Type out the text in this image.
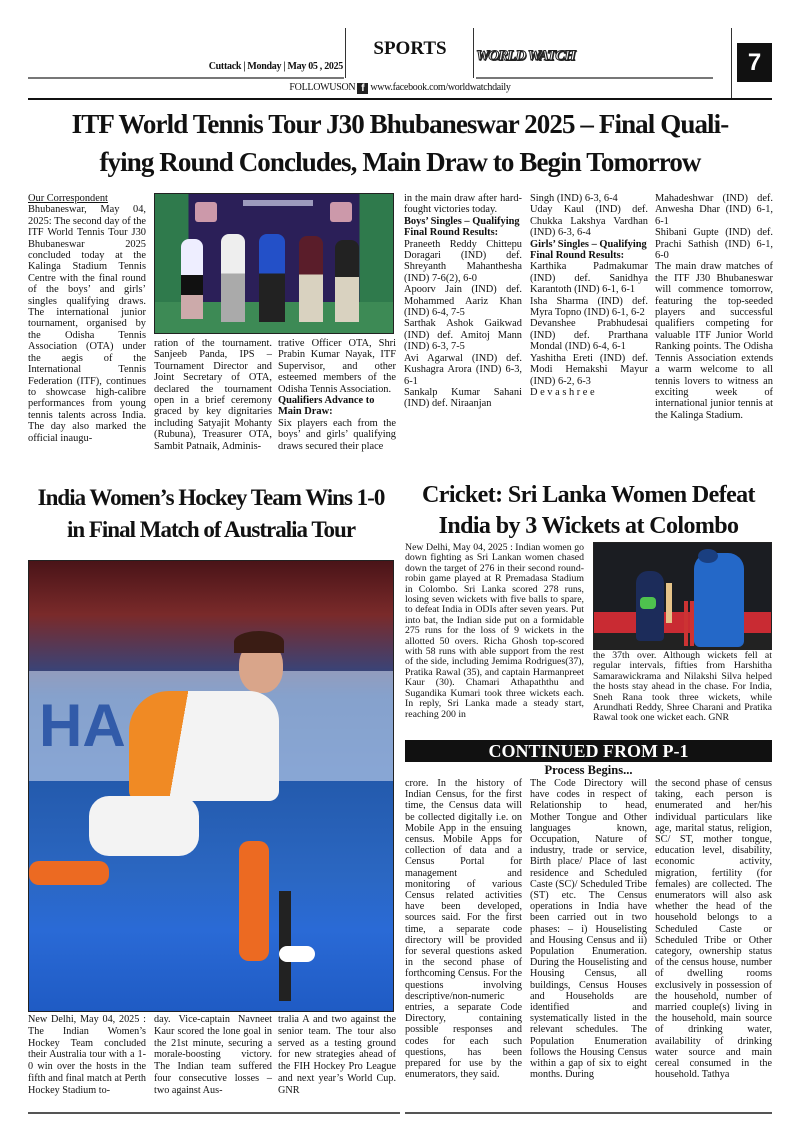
Cuttack | Monday | May 05 , 2025
SPORTS	WORLD WATCH	7
FOLLOWUSON f www.facebook.com/worldwatchdaily
ITF World Tennis Tour J30 Bhubaneswar 2025 – Final Quali-
fying Round Concludes, Main Draw to Begin Tomorrow
Our Correspondent
Bhubaneswar, May 04, 2025: The second day of the ITF World Tennis Tour J30 Bhubaneswar 2025 concluded today at the Kalinga Stadium Tennis Centre with the final round of the boys’ and girls’ singles qualifying draws. The international junior tournament, organised by the Odisha Tennis Association (OTA) under the aegis of the International Tennis Federation (ITF), continues to showcase high-calibre performances from young tennis talents across India. The day also marked the official inaugu-
ration of the tournament. Sanjeeb Panda, IPS – Tournament Director and Joint Secretary of OTA, declared the tournament open in a brief ceremony graced by key dignitaries including Satyajit Mohanty (Rubuna), Treasurer OTA, Sambit Patnaik, Adminis-
trative Officer OTA, Shri Prabin Kumar Nayak, ITF Supervisor, and other esteemed members of the Odisha Tennis Association.
Qualifiers Advance to Main Draw:
Six players each from the boys’ and girls’ qualifying draws secured their place
in the main draw after hard-fought victories today.
Boys’ Singles – Qualifying Final Round Results:
Praneeth Reddy Chittepu Doragari (IND) def. Shreyanth Mahanthesha (IND) 7-6(2), 6-0
Apoorv Jain (IND) def. Mohammed Aariz Khan (IND) 6-4, 7-5
Sarthak Ashok Gaikwad (IND) def. Amitoj Mann (IND) 6-3, 7-5
Avi Agarwal (IND) def. Kushagra Arora (IND) 6-3, 6-1
Sankalp Kumar Sahani (IND) def. Niraanjan
Singh (IND) 6-3, 6-4
Uday Kaul (IND) def. Chukka Lakshya Vardhan (IND) 6-3, 6-4
Girls’ Singles – Qualifying Final Round Results:
Karthika Padmakumar (IND) def. Sanidhya Karantoth (IND) 6-1, 6-1
Isha Sharma (IND) def. Myra Topno (IND) 6-1, 6-2
Devanshee Prabhudesai (IND) def. Prarthana Mondal (IND) 6-4, 6-1
Yashitha Ereti (IND) def. Modi Hemakshi Mayur (IND) 6-2, 6-3
D e v a s h r e e
Mahadeshwar (IND) def. Anwesha Dhar (IND) 6-1, 6-1
Shibani Gupte (IND) def. Prachi Sathish (IND) 6-1, 6-0
The main draw matches of the ITF J30 Bhubaneswar will commence tomorrow, featuring the top-seeded players and successful qualifiers competing for valuable ITF Junior World Ranking points. The Odisha Tennis Association extends a warm welcome to all tennis lovers to witness an exciting week of international junior tennis at the Kalinga Stadium.
India Women’s Hockey Team Wins 1-0
in Final Match of Australia Tour
HA
New Delhi, May 04, 2025 : The Indian Women’s Hockey Team concluded their Australia tour with a 1-0 win over the hosts in the fifth and final match at Perth Hockey Stadium to-
day. Vice-captain Navneet Kaur scored the lone goal in the 21st minute, securing a morale-boosting victory. The Indian team suffered four consecutive losses – two against Aus-
tralia A and two against the senior team. The tour also served as a testing ground for new strategies ahead of the FIH Hockey Pro League and next year’s World Cup. GNR
Cricket: Sri Lanka Women Defeat
India by 3 Wickets at Colombo
New Delhi, May 04, 2025 : Indian women go down fighting as Sri Lankan women chased down the target of 276 in their second round-robin game played at R Premadasa Stadium in Colombo. Sri Lanka scored 278 runs, losing seven wickets with five balls to spare, to defeat India in ODIs after seven years. Put into bat, the Indian side put on a formidable 275 runs for the loss of 9 wickets in the allotted 50 overs. Richa Ghosh top-scored with 58 runs with able support from the rest of the side, including Jemima Rodrigues(37), Pratika Rawal (35), and captain Harmanpreet Kaur (30). Chamari Athapaththu and Sugandika Kumari took three wickets each. In reply, Sri Lanka made a steady start, reaching 200 in
the 37th over. Although wickets fell at regular intervals, fifties from Harshitha Samarawickrama and Nilakshi Silva helped the hosts stay ahead in the chase. For India, Sneh Rana took three wickets, while Arundhati Reddy, Shree Charani and Pratika Rawal took one wicket each. GNR
CONTINUED FROM P-1
Process Begins...
crore. In the history of Indian Census, for the first time, the Census data will be collected digitally i.e. on Mobile App in the ensuing census. Mobile Apps for collection of data and a Census Portal for management and monitoring of various Census related activities have been developed, sources said. For the first time, a separate code directory will be provided for several questions asked in the second phase of forthcoming Census. For the questions involving descriptive/non-numeric entries, a separate Code Directory, containing possible responses and codes for each such questions, has been prepared for use by the enumerators, they said.
The Code Directory will have codes in respect of Relationship to head, Mother Tongue and Other languages known, Occupation, Nature of industry, trade or service, Birth place/ Place of last residence and Scheduled Caste (SC)/ Scheduled Tribe (ST) etc. The Census operations in India have been carried out in two phases: – i) Houselisting and Housing Census and ii) Population Enumeration. During the Houselisting and Housing Census, all buildings, Census Houses and Households are identified and systematically listed in the relevant schedules. The Population Enumeration follows the Housing Census within a gap of six to eight months. During
the second phase of census taking, each person is enumerated and her/his individual particulars like age, marital status, religion, SC/ ST, mother tongue, education level, disability, economic activity, migration, fertility (for females) are collected. The enumerators will also ask whether the head of the household belongs to a Scheduled Caste or Scheduled Tribe or Other category, ownership status of the census house, number of dwelling rooms exclusively in possession of the household, number of married couple(s) living in the household, main source of drinking water, availability of drinking water source and main cereal consumed in the household. Tathya
